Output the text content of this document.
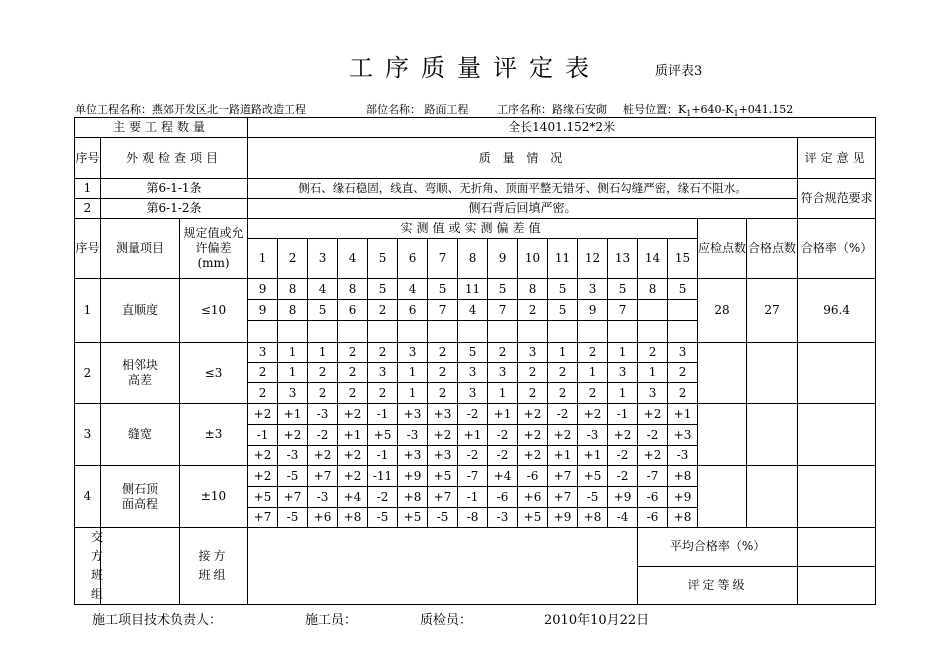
工序质量评定表	质评表3
单位工程名称：燕郊开发区北一路道路改造工程	部位名称： 路面工程	工序名称：路缘石安砌 桩号位置：$K_1+640-K_1+041.152$
主要工程数量			全长1401.152*2米																	
序号	外观检查项目		质 量 情 况																	评定意见
1	第6-1-1条		侧石、缘石稳固，线直、弯顺、无折角、顶面平整无错牙、侧石勾缝严密，缘石不阻水。																	符合规范要求
2	第6-1-2条		侧石背后回填严密。																	
序号	测量项目	规定值或允许偏差(mm)	实测值或实测偏差值															应检点数	合格点数	合格率（%）
			1	2	3	4	5	6	7	8	9	10	11	12	13	14	15			
1	直顺度	≤10	9	8	4	8	5	4	5	11	5	8	5	3	5	8	5	28	27	96.4
			9	8	5	6	2	6	7	4	7	2	5	9	7					

2	相邻块高差	≤3	3	1	1	2	2	3	2	5	2	3	1	2	1	2	3			
			2	1	2	2	3	1	2	3	3	2	2	1	3	1	2			
			2	3	2	2	2	1	2	3	1	2	2	2	1	3	2			
3	缝宽	±3	+2	+1	-3	+2	-1	+3	+3	-2	+1	+2	-2	+2	-1	+2	+1			
			-1	+2	-2	+1	+5	-3	+2	+1	-2	+2	+2	-3	+2	-2	+3			
			+2	-3	+2	+2	-1	+3	+3	-2	-2	+2	+1	+1	-2	+2	-3			
4	侧石顶面高程	±10	+2	-5	+7	+2	-11	+9	+5	-7	+4	-6	+7	+5	-2	-7	+8			
			+5	+7	-3	+4	-2	+8	+7	-1	-6	+6	+7	-5	+9	-6	+9			
			+7	-5	+6	+8	-5	+5	-5	-8	-3	+5	+9	+8	-4	-6	+8			
交方班组		接方班组														平均合格率（%）				
																评定等级				
施工项目技术负责人：	施工员：	质检员：	2010年10月22日
